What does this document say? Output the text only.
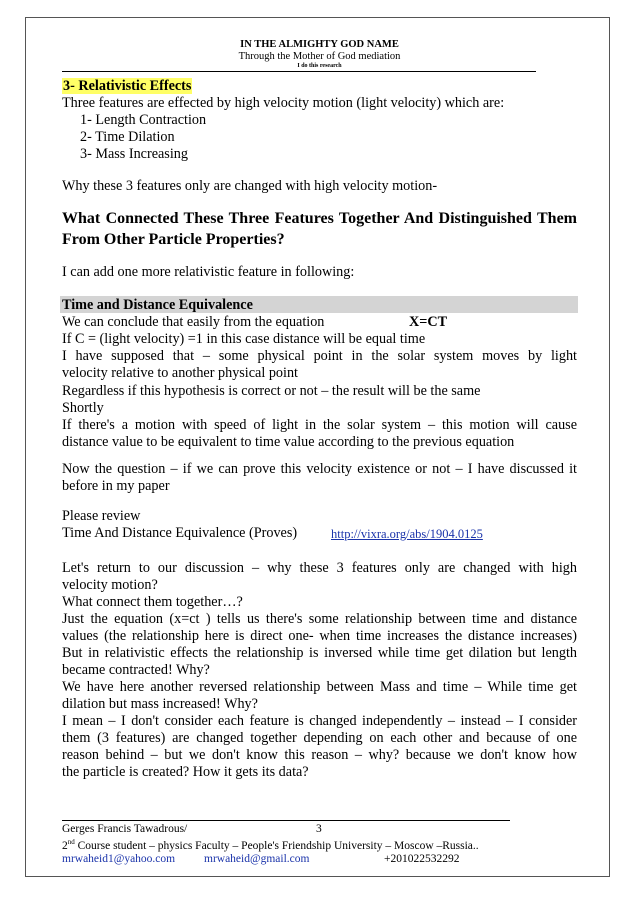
IN THE ALMIGHTY GOD NAME
Through the Mother of God mediation
I do this research
3- Relativistic Effects
Three features are effected by high velocity motion (light velocity) which are:
1- Length Contraction
2- Time Dilation
3- Mass Increasing
Why these 3 features only are changed with high velocity motion-
What Connected These Three Features Together And Distinguished Them From Other Particle Properties?
I can add one more relativistic feature in following:
Time and Distance Equivalence
We can conclude that easily from the equation	X=CT
If C = (light velocity) =1 in this case distance will be equal time
I have supposed that – some physical point in the solar system moves by light
velocity relative to another physical point
Regardless if this hypothesis is correct or not – the result will be the same
Shortly
If there's a motion with speed of light in the solar system – this motion will cause
distance value to be equivalent to time value according to the previous equation
Now the question – if we can prove this velocity existence or not – I have discussed it
before in my paper
Please review
Time And Distance Equivalence (Proves)	http://vixra.org/abs/1904.0125
Let's return to our discussion – why these 3 features only are changed with high
velocity motion?
What connect them together…?
Just the equation (x=ct ) tells us there's some relationship between time and distance
values (the relationship here is direct one- when time increases the distance increases)
But in relativistic effects the relationship is inversed while time get dilation but length
became contracted! Why?
We have here another reversed relationship between Mass and time – While time get
dilation but mass increased! Why?
I mean – I don't consider each feature is changed independently – instead – I consider
them (3 features) are changed together depending on each other and because of one
reason behind – but we don't know this reason – why? because we don't know how
the particle is created? How it gets its data?
Gerges Francis Tawadrous/	3
2nd Course student – physics Faculty – People's Friendship University – Moscow –Russia..
mrwaheid1@yahoo.com	mrwaheid@gmail.com	+201022532292
